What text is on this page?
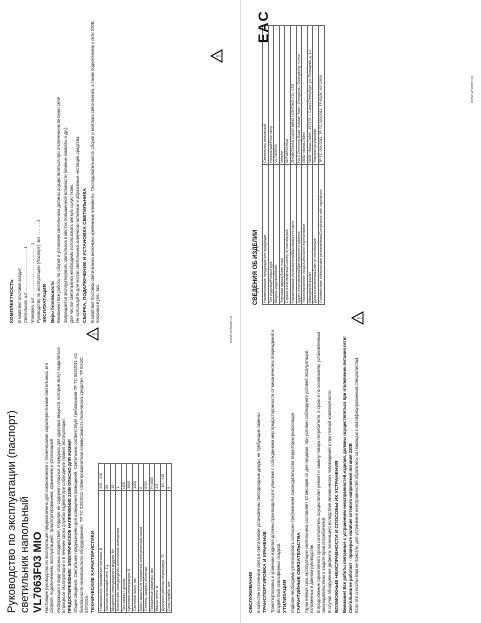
Руководство по эксплуатации (паспорт) светильник напольный VL7063F03 MIO Настоящее руководство по эксплуатации предназначено для ознакомления с техническими характеристиками светильника, его сборкой, подключением, эксплуатацией, транспортированием, хранением и утилизацией. Информация о виде опасных воздействий. Изделие не содержит опасных и вредных для здоровья веществ, которые могут выделяться в процессе эксплуатации и в течение срока службы изделия при соблюдении правил эксплуатации. ПРЕДОСТЕРЕЖЕНИЕ: ЭЛЕКТРИЧЕСКОЕ НАПРЯЖЕНИЕ 220В ОПАСНО ДЛЯ ЖИЗНИ! Общие сведения. Светильник предназначен для освещения помещений. Светильник соответствует требованиям ТР ТС 004/2011 «О безопасности низковольтного оборудования», ТР ТС 020/2011 «Электромагнитная совместимость технических средств», ТР ЕАЭС 037/2016. ТЕХНИЧЕСКИЕ ХАРАКТЕРИСТИКИ Номинальное напряжение питания, В	220 – 240
Частота питающей сети, Гц	50
Мощность светодиодного модуля, Вт	15
Количество светодиодных источников освещения	1
Тип лампы / цоколь	LED
Цветовая температура, К	3000
Световой поток, лм	1200
Класс защиты от поражения электрическим током	II
Степень защиты оболочки	IP20
Габаритные размеры, мм	Н 1600
Масса нетто, кг	3,5
Диапазон рабочих температур, °С	-10…+40
Срок службы, лет	5
!

КОМПЛЕКТНОСТЬ В комплект поставки входит: Светильник, шт ………………………… 1 Упаковка, шт ……………………………… 1 Руководство по эксплуатации (Паспорт), экз ……… 1 ЭКСПЛУАТАЦИЯ Меры безопасности Внимание! Все работы по сборке и установке светильника должны осуществляться при отключенном питании сети! Запрещается эксплуатировать светильник в местах повышенной влажности (ванные комнаты и др.). Для чистки светильника необходимо использовать мягкую сухую ткань. Не используйте для чистки светильника химически активные и абразивные чистящие средства. СБОРКА, ПОДКЛЮЧЕНИЕ И УСТАНОВКА СВЕТИЛЬНИКА В комплект поставки светильника включены крепежные элементы. Последовательность сборки и монтажа светильника, а также подключение к сети 220В, показана в рис. №1.

!
www.velante.ru

ОБСЛУЖИВАНИЕ В качестве источников света в светильнике установлены светодиодные диоды, не требующие замены. ТРАНСПОРТИРОВКА И ХРАНЕНИЕ Транспортировка и хранение изделия должны производиться в упаковке с соблюдением мер предосторожности от механических повреждений и воздействия атмосферных осадков. УТИЛИЗАЦИЯ Изделие необходимо утилизировать согласно требованиям законодательства территории реализации. ГАРАНТИЙНЫЕ ОБЯЗАТЕЛЬСТВА Гарантийный срок эксплуатации светильника составляет 12 месяцев со дня продажи, при условии соблюдения условий эксплуатации, изложенных в данном руководстве. В продолжение гарантийного срока изготовитель осуществляет ремонт и замену товара потребителя, в сроки и по основаниям, установленным законодательством о защите прав потребителей. В случае обнаружения дефекта, возникшего вследствие механических повреждений и при полной комплектности. ВОЗМОЖНЫЕ НЕИСПРАВНОСТИ И СПОСОБЫ ИХ УСТРАНЕНИЯ Внимание! Все работы связанные с устранением неисправностей изделия, должны осуществляться при отключении питания сети! Светильник не работает - проверьте наличие сетевого напряжения питания 220В Если эти способы Вам не помогли, для устранения неисправностей обратитесь за помощью к квалифицированным специалистам.

!

СВЕДЕНИЯ ОБ ИЗДЕЛИИ Наименование продукции/тип продукции	Светильник напольный
Тип изделия/Product type	Напольный/Floor lamp
Модель изделия/Model	VL7063F03
Торговая марка/Trade mark	Velante
Страна изготовления/Country of manufacture	КИТАЙ/CHINA
Наименование изготовителя/Manufacturer's name	ZHONGSHAN LIANG MING LIGHTING CO., LTD
Адрес изготовителя/Manufacturer's address	No.3 Zhenxing Road, Xiaolan Town, Zhongshan, Guangdong, China
Уполномоченное лицо/Authorized representative	ООО «Велл-Лайт»
Импортер/Importer	ООО «Велл-Лайт», 197375, г. Санкт-Петербург, ул. Репищева, д. 14
Дата изготовления/Date of manufacture	Указана на упаковке
Соответствие техническим регламентам/Compliance with regulations	ТР ТС 004/2011, ТР ТС 020/2011, ТР ЕАЭС 037/2016
EAC
www.velante.ru
